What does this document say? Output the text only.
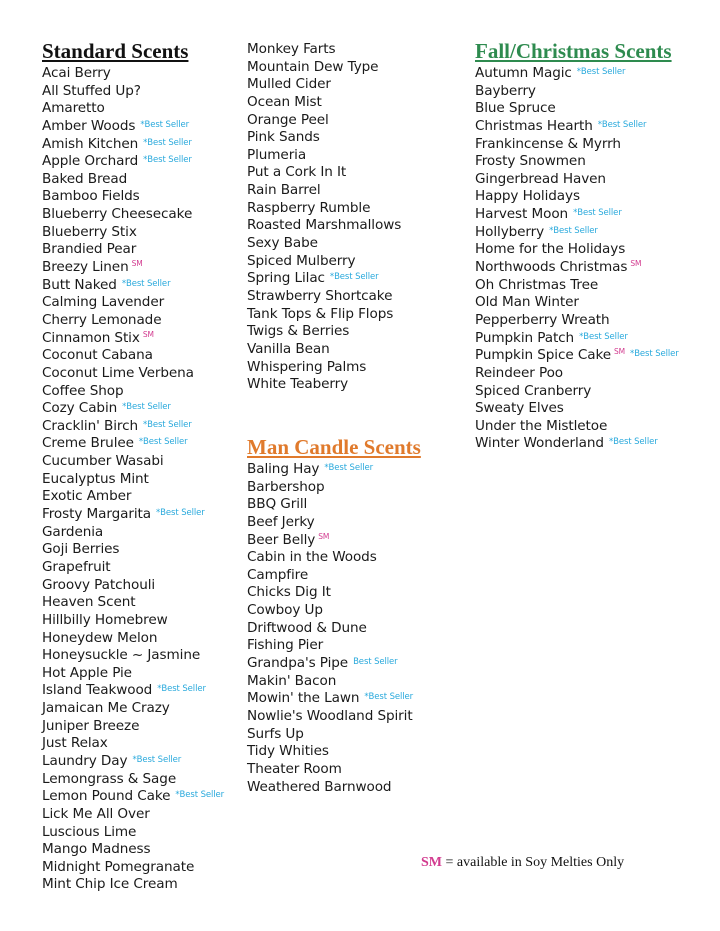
Standard Scents
Acai Berry
All Stuffed Up?
Amaretto
Amber Woods $^{*Best Seller}$
Amish Kitchen $^{*Best Seller}$
Apple Orchard $^{*Best Seller}$
Baked Bread
Bamboo Fields
Blueberry Cheesecake
Blueberry Stix
Brandied Pear
Breezy Linen ℠
Butt Naked $^{*Best Seller}$
Calming Lavender
Cherry Lemonade
Cinnamon Stix ℠
Coconut Cabana
Coconut Lime Verbena
Coffee Shop
Cozy Cabin $^{*Best Seller}$
Cracklin' Birch $^{*Best Seller}$
Creme Brulee $^{*Best Seller}$
Cucumber Wasabi
Eucalyptus Mint
Exotic Amber
Frosty Margarita $^{*Best Seller}$
Gardenia
Goji Berries
Grapefruit
Groovy Patchouli
Heaven Scent
Hillbilly Homebrew
Honeydew Melon
Honeysuckle ~ Jasmine
Hot Apple Pie
Island Teakwood $^{*Best Seller}$
Jamaican Me Crazy
Juniper Breeze
Just Relax
Laundry Day $^{*Best Seller}$
Lemongrass & Sage
Lemon Pound Cake $^{*Best Seller}$
Lick Me All Over
Luscious Lime
Mango Madness
Midnight Pomegranate
Mint Chip Ice Cream
Monkey Farts
Mountain Dew Type
Mulled Cider
Ocean Mist
Orange Peel
Pink Sands
Plumeria
Put a Cork In It
Rain Barrel
Raspberry Rumble
Roasted Marshmallows
Sexy Babe
Spiced Mulberry
Spring Lilac $^{*Best Seller}$
Strawberry Shortcake
Tank Tops & Flip Flops
Twigs & Berries
Vanilla Bean
Whispering Palms
White Teaberry
Man Candle Scents
Baling Hay $^{*Best Seller}$
Barbershop
BBQ Grill
Beef Jerky
Beer Belly ℠
Cabin in the Woods
Campfire
Chicks Dig It
Cowboy Up
Driftwood & Dune
Fishing Pier
Grandpa's Pipe $^{Best Seller}$
Makin' Bacon
Mowin' the Lawn $^{*Best Seller}$
Nowlie's Woodland Spirit
Surfs Up
Tidy Whities
Theater Room
Weathered Barnwood
Fall/Christmas Scents
Autumn Magic $^{*Best Seller}$
Bayberry
Blue Spruce
Christmas Hearth $^{*Best Seller}$
Frankincense & Myrrh
Frosty Snowmen
Gingerbread Haven
Happy Holidays
Harvest Moon $^{*Best Seller}$
Hollyberry $^{*Best Seller}$
Home for the Holidays
Northwoods Christmas ℠
Oh Christmas Tree
Old Man Winter
Pepperberry Wreath
Pumpkin Patch $^{*Best Seller}$
Pumpkin Spice Cake ℠ $^{*Best Seller}$
Reindeer Poo
Spiced Cranberry
Sweaty Elves
Under the Mistletoe
Winter Wonderland $^{*Best Seller}$
SM = available in Soy Melties Only
